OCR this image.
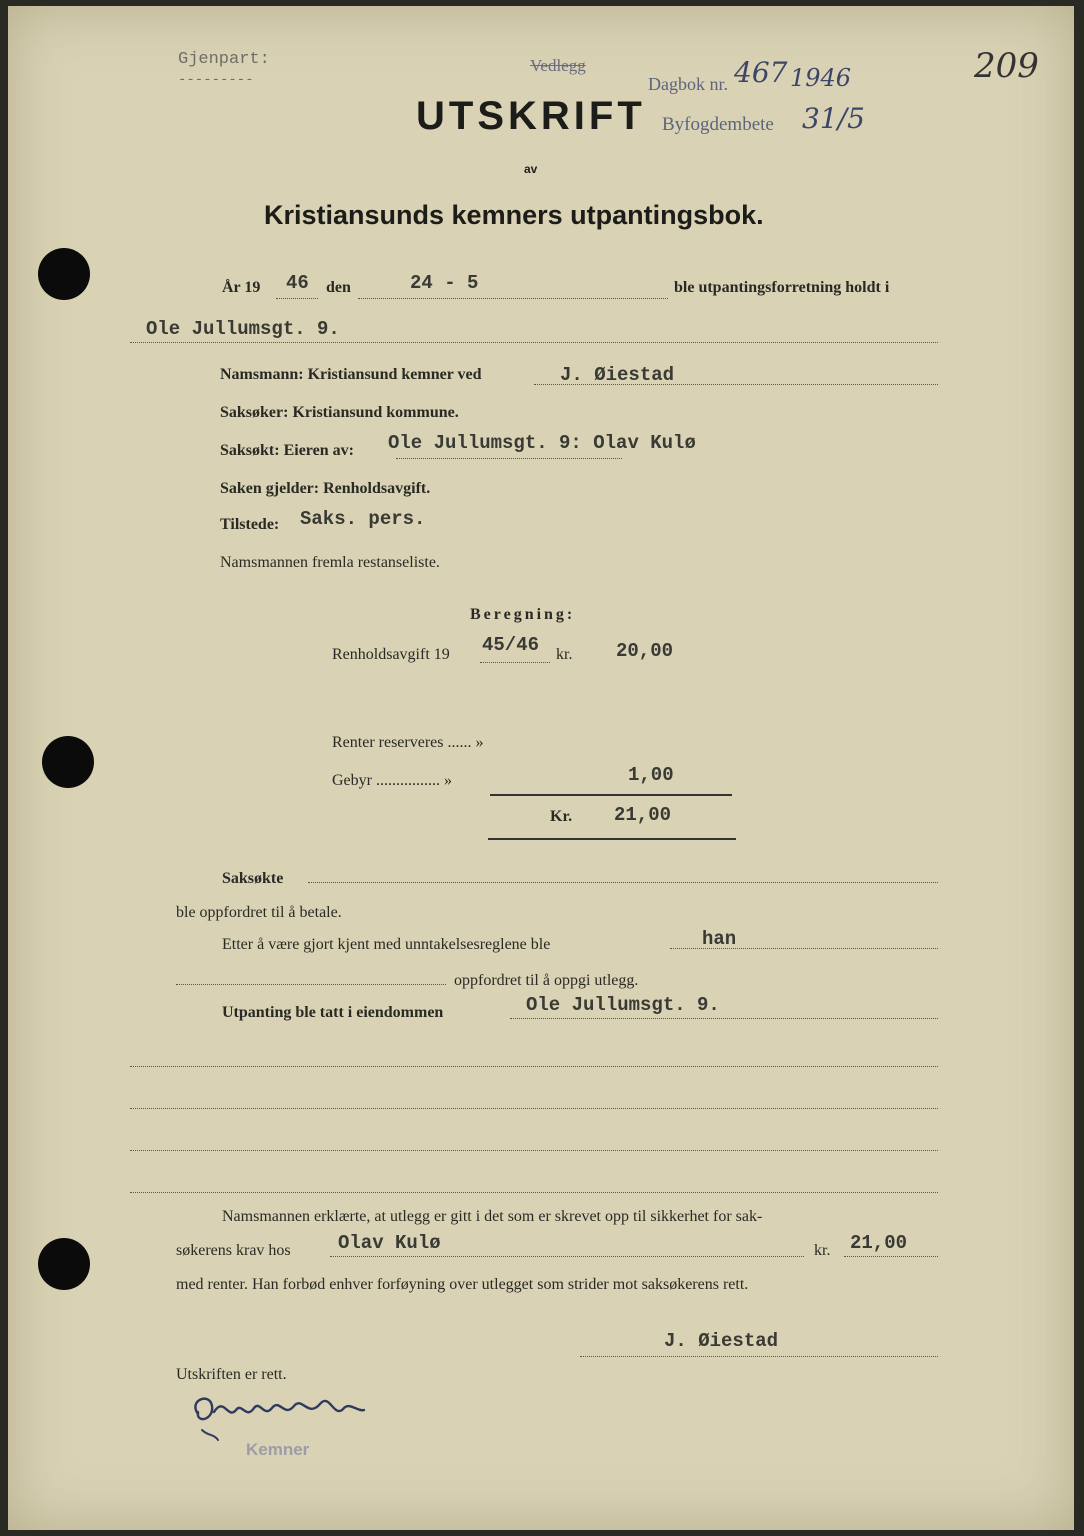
Gjenpart:
---------
Vedlegg
Dagbok nr. 467 1946	209
UTSKRIFT Byfogdembete 31/5
av
Kristiansunds kemners utpantingsbok.
År 19 46 den	24 - 5	ble utpantingsforretning holdt i
Ole Jullumsgt. 9.
Namsmann: Kristiansund kemner ved	J. Øiestad
Saksøker: Kristiansund kommune.
Saksøkt: Eieren av: Ole Jullumsgt. 9: Olav Kulø
Saken gjelder: Renholdsavgift.
Tilstede: Saks. pers.
Namsmannen fremla restanseliste.
Beregning:
Renholdsavgift 19 45/46 kr. 20,00
Renter reserveres ...... »
Gebyr ................ »	1,00
Kr. 21,00
Saksøkte
ble oppfordret til å betale.
Etter å være gjort kjent med unntakelsesreglene ble	han
oppfordret til å oppgi utlegg.
Utpanting ble tatt i eiendommen	Ole Jullumsgt. 9.
Namsmannen erklærte, at utlegg er gitt i det som er skrevet opp til sikkerhet for sak-
søkerens krav hos Olav Kulø	kr. 21,00
med renter. Han forbød enhver forføyning over utlegget som strider mot saksøkerens rett.
J. Øiestad
Utskriften er rett.
Kemner
